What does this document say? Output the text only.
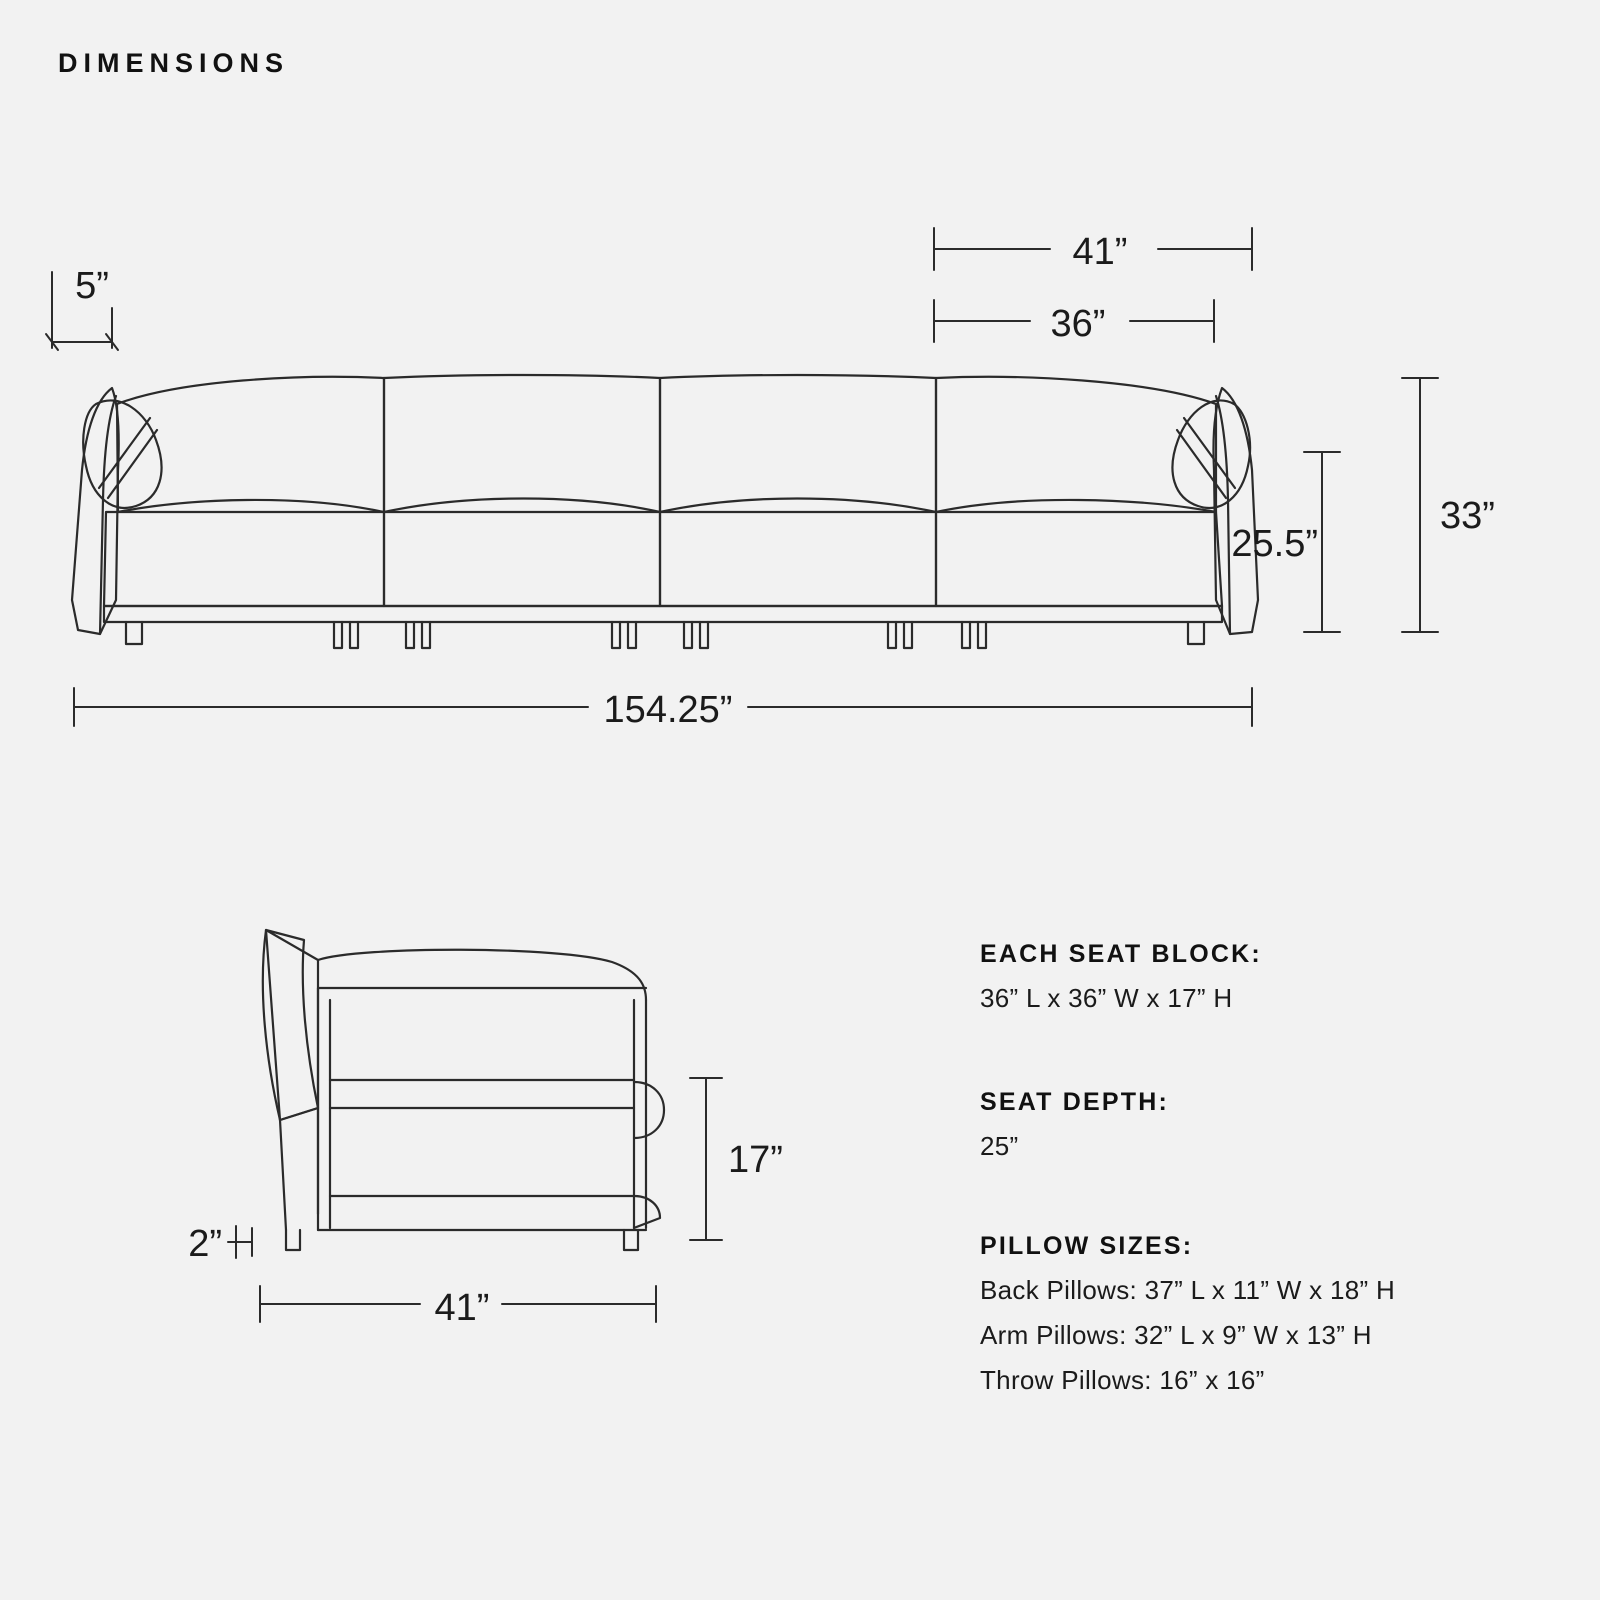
DIMENSIONS
5”
41”
36”
25.5”
33”
154.25”
17”
2”
41”
EACH SEAT BLOCK:
36” L x 36” W x 17” H
SEAT DEPTH:
25”
PILLOW SIZES:
Back Pillows: 37” L x 11” W x 18” H
Arm Pillows: 32” L x 9” W x 13” H
Throw Pillows: 16” x 16”
